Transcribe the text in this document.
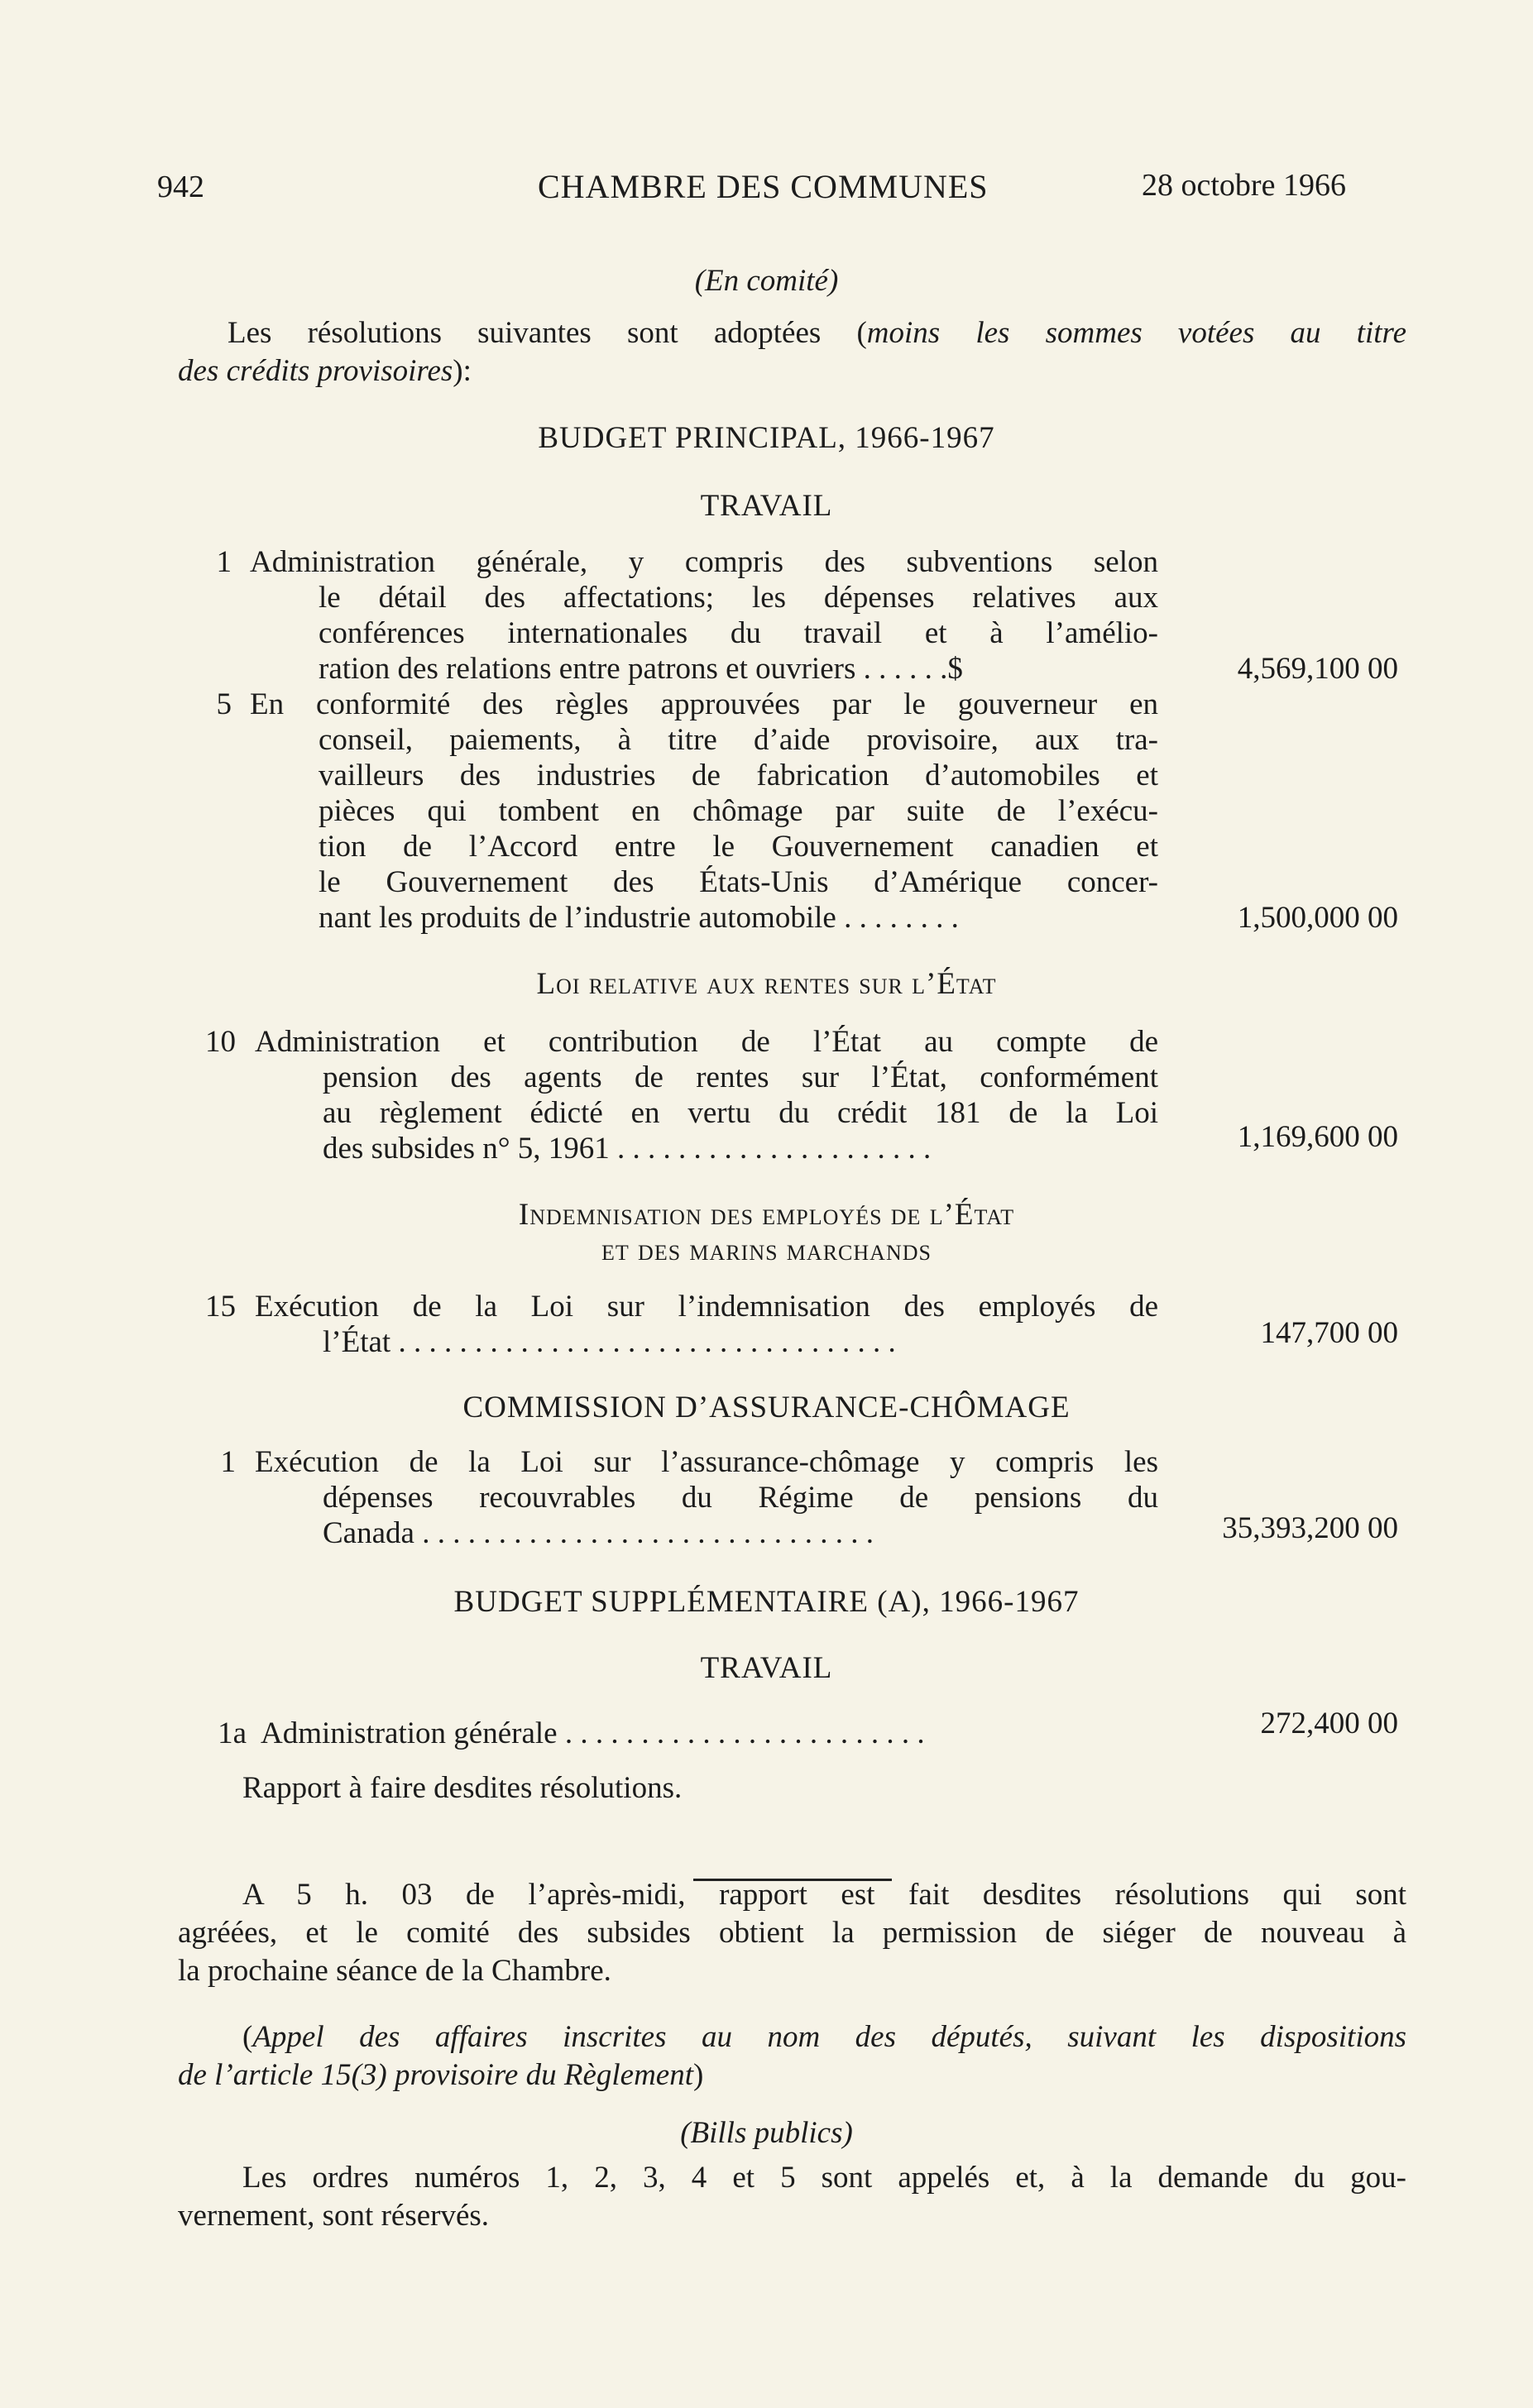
942	CHAMBRE DES COMMUNES	28 octobre 1966
(En comité)
Les résolutions suivantes sont adoptées (moins les sommes votées au titre
des crédits provisoires):
BUDGET PRINCIPAL, 1966-1967
TRAVAIL
1 Administration générale, y compris des subventions selon
le détail des affectations; les dépenses relatives aux
conférences internationales du travail et à l’amélio-
ration des relations entre patrons et ouvriers . . . . . .$	4,569,100 00
5 En conformité des règles approuvées par le gouverneur en
conseil, paiements, à titre d’aide provisoire, aux tra-
vailleurs des industries de fabrication d’automobiles et
pièces qui tombent en chômage par suite de l’exécu-
tion de l’Accord entre le Gouvernement canadien et
le Gouvernement des États-Unis d’Amérique concer-
nant les produits de l’industrie automobile . . . . . . . .	1,500,000 00
Loi relative aux rentes sur l’État
10 Administration et contribution de l’État au compte de
pension des agents de rentes sur l’État, conformément
au règlement édicté en vertu du crédit 181 de la Loi
des subsides n° 5, 1961 . . . . . . . . . . . . . . . . . . . . .	1,169,600 00
Indemnisation des employés de l’État
et des marins marchands
15 Exécution de la Loi sur l’indemnisation des employés de
l’État . . . . . . . . . . . . . . . . . . . . . . . . . . . . . . . . .	147,700 00
COMMISSION D’ASSURANCE-CHÔMAGE
1 Exécution de la Loi sur l’assurance-chômage y compris les
dépenses recouvrables du Régime de pensions du
Canada . . . . . . . . . . . . . . . . . . . . . . . . . . . . . .	35,393,200 00
BUDGET SUPPLÉMENTAIRE (A), 1966-1967
TRAVAIL
1a Administration générale . . . . . . . . . . . . . . . . . . . . . . . .	272,400 00
Rapport à faire desdites résolutions.
A 5 h. 03 de l’après-midi, rapport est fait desdites résolutions qui sont
agréées, et le comité des subsides obtient la permission de siéger de nouveau à
la prochaine séance de la Chambre.
(Appel des affaires inscrites au nom des députés, suivant les dispositions
de l’article 15(3) provisoire du Règlement)
(Bills publics)
Les ordres numéros 1, 2, 3, 4 et 5 sont appelés et, à la demande du gou-
vernement, sont réservés.
